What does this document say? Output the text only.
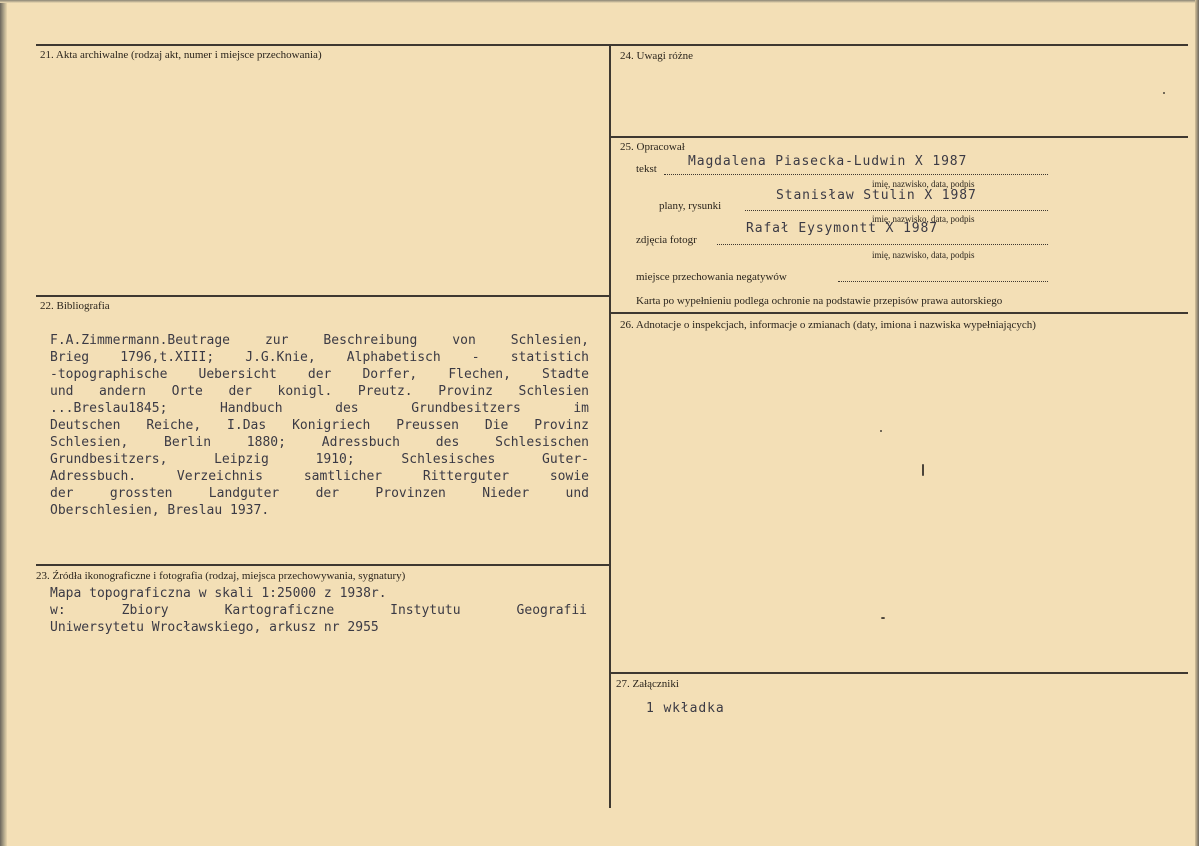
21. Akta archiwalne (rodzaj akt, numer i miejsce przechowania)
22. Bibliografia
F.A.Zimmermann.Beutrage zur Beschreibung von Schlesien,
Brieg 1796,t.XIII; J.G.Knie, Alphabetisch - statistich
-topographische Uebersicht der Dorfer, Flechen, Stadte
und andern Orte der konigl. Preutz. Provinz Schlesien
...Breslau1845; Handbuch des Grundbesitzers im
Deutschen Reiche, I.Das Konigriech Preussen Die Provinz
Schlesien, Berlin 1880; Adressbuch des Schlesischen
Grundbesitzers, Leipzig 1910; Schlesisches Guter-
Adressbuch. Verzeichnis samtlicher Ritterguter sowie
der grossten Landguter der Provinzen Nieder und
Oberschlesien, Breslau 1937.
23. Źródła ikonograficzne i fotografia (rodzaj, miejsca przechowywania, sygnatury)
Mapa topograficzna w skali 1:25000 z 1938r.
w: Zbiory Kartograficzne Instytutu Geografii
Uniwersytetu Wrocławskiego, arkusz nr 2955
24. Uwagi różne
25. Opracował
tekst Magdalena Piasecka-Ludwin X 1987
imię, nazwisko, data, podpis
plany, rysunki
Stanisław Stulin X 1987
imię, nazwisko, data, podpis
zdjęcia fotogr
Rafał Eysymontt X 1987
imię, nazwisko, data, podpis
miejsce przechowania negatywów
Karta po wypełnieniu podlega ochronie na podstawie przepisów prawa autorskiego
26. Adnotacje o inspekcjach, informacje o zmianach (daty, imiona i nazwiska wypełniających)
27. Załączniki
1 wkładka
